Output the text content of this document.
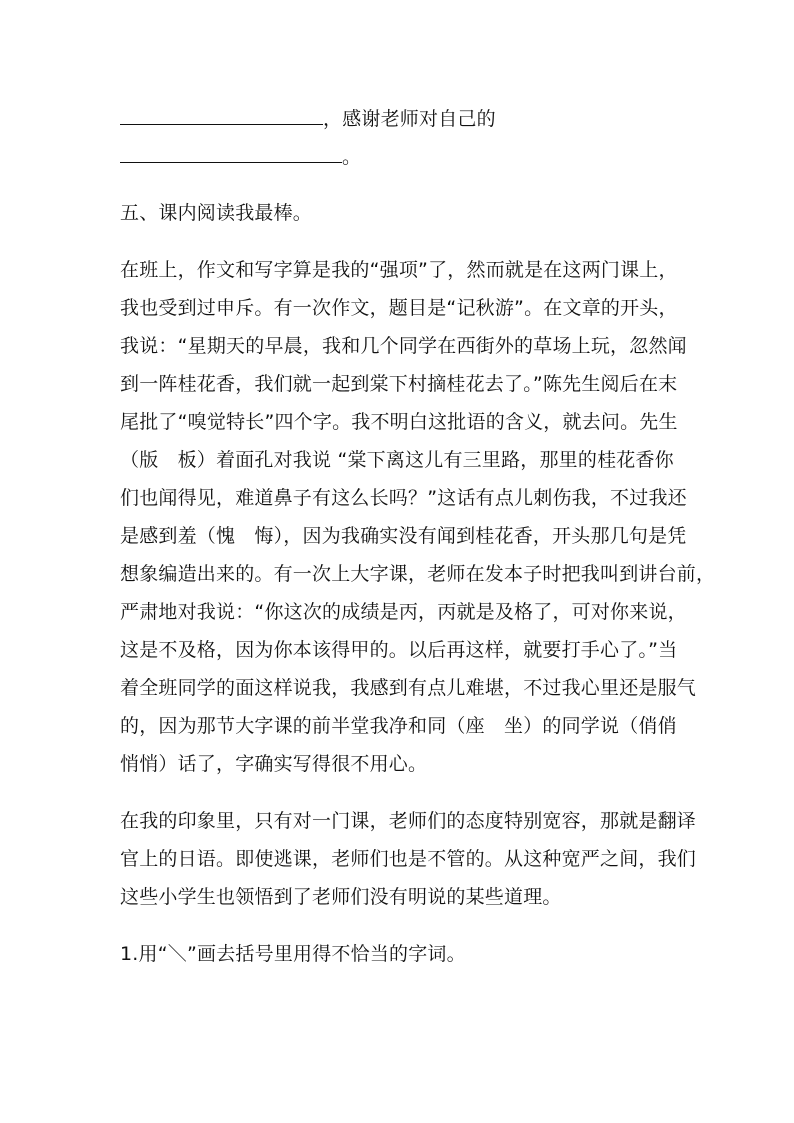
，感谢老师对自己的
。
五、课内阅读我最棒。
在班上，作文和写字算是我的“强项”了，然而就是在这两门课上，
我也受到过申斥。有一次作文，题目是“记秋游”。在文章的开头，
我说：“星期天的早晨，我和几个同学在西街外的草场上玩，忽然闻
到一阵桂花香，我们就一起到棠下村摘桂花去了。”陈先生阅后在末
尾批了“嗅觉特长”四个字。我不明白这批语的含义，就去问。先生
（版　板）着面孔对我说 “棠下离这儿有三里路，那里的桂花香你
们也闻得见，难道鼻子有这么长吗？”这话有点儿刺伤我，不过我还
是感到羞（愧　悔），因为我确实没有闻到桂花香，开头那几句是凭
想象编造出来的。有一次上大字课，老师在发本子时把我叫到讲台前，
严肃地对我说：“你这次的成绩是丙，丙就是及格了，可对你来说，
这是不及格，因为你本该得甲的。以后再这样，就要打手心了。”当
着全班同学的面这样说我，我感到有点儿难堪，不过我心里还是服气
的，因为那节大字课的前半堂我净和同（座　坐）的同学说（俏俏
悄悄）话了，字确实写得很不用心。
在我的印象里，只有对一门课，老师们的态度特别宽容，那就是翻译
官上的日语。即使逃课，老师们也是不管的。从这种宽严之间，我们
这些小学生也领悟到了老师们没有明说的某些道理。
1.用“＼”画去括号里用得不恰当的字词。
